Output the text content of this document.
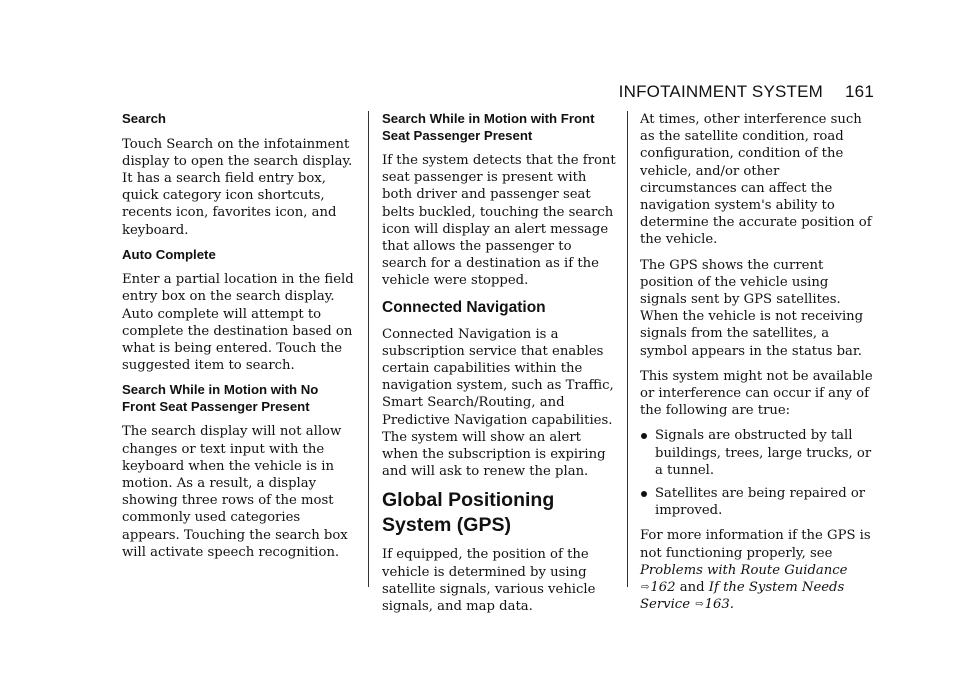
INFOTAINMENT SYSTEM 161
Search

Touch Search on the infotainment display to open the search display. It has a search field entry box, quick category icon shortcuts, recents icon, favorites icon, and keyboard.

Auto Complete

Enter a partial location in the field entry box on the search display. Auto complete will attempt to complete the destination based on what is being entered. Touch the suggested item to search.

Search While in Motion with No Front Seat Passenger Present

The search display will not allow changes or text input with the keyboard when the vehicle is in motion. As a result, a display showing three rows of the most commonly used categories appears. Touching the search box will activate speech recognition.

Search While in Motion with Front Seat Passenger Present

If the system detects that the front seat passenger is present with both driver and passenger seat belts buckled, touching the search icon will display an alert message that allows the passenger to search for a destination as if the vehicle were stopped.

Connected Navigation

Connected Navigation is a subscription service that enables certain capabilities within the navigation system, such as Traffic, Smart Search/Routing, and Predictive Navigation capabilities. The system will show an alert when the subscription is expiring and will ask to renew the plan.

Global Positioning System (GPS)

If equipped, the position of the vehicle is determined by using satellite signals, various vehicle signals, and map data.

At times, other interference such as the satellite condition, road configuration, condition of the vehicle, and/or other circumstances can affect the navigation system's ability to determine the accurate position of the vehicle.

The GPS shows the current position of the vehicle using signals sent by GPS satellites. When the vehicle is not receiving signals from the satellites, a symbol appears in the status bar.

This system might not be available or interference can occur if any of the following are true:

Signals are obstructed by tall buildings, trees, large trucks, or a tunnel.
Satellites are being repaired or improved.

For more information if the GPS is not functioning properly, see Problems with Route Guidance ⇨162 and If the System Needs Service ⇨163.
